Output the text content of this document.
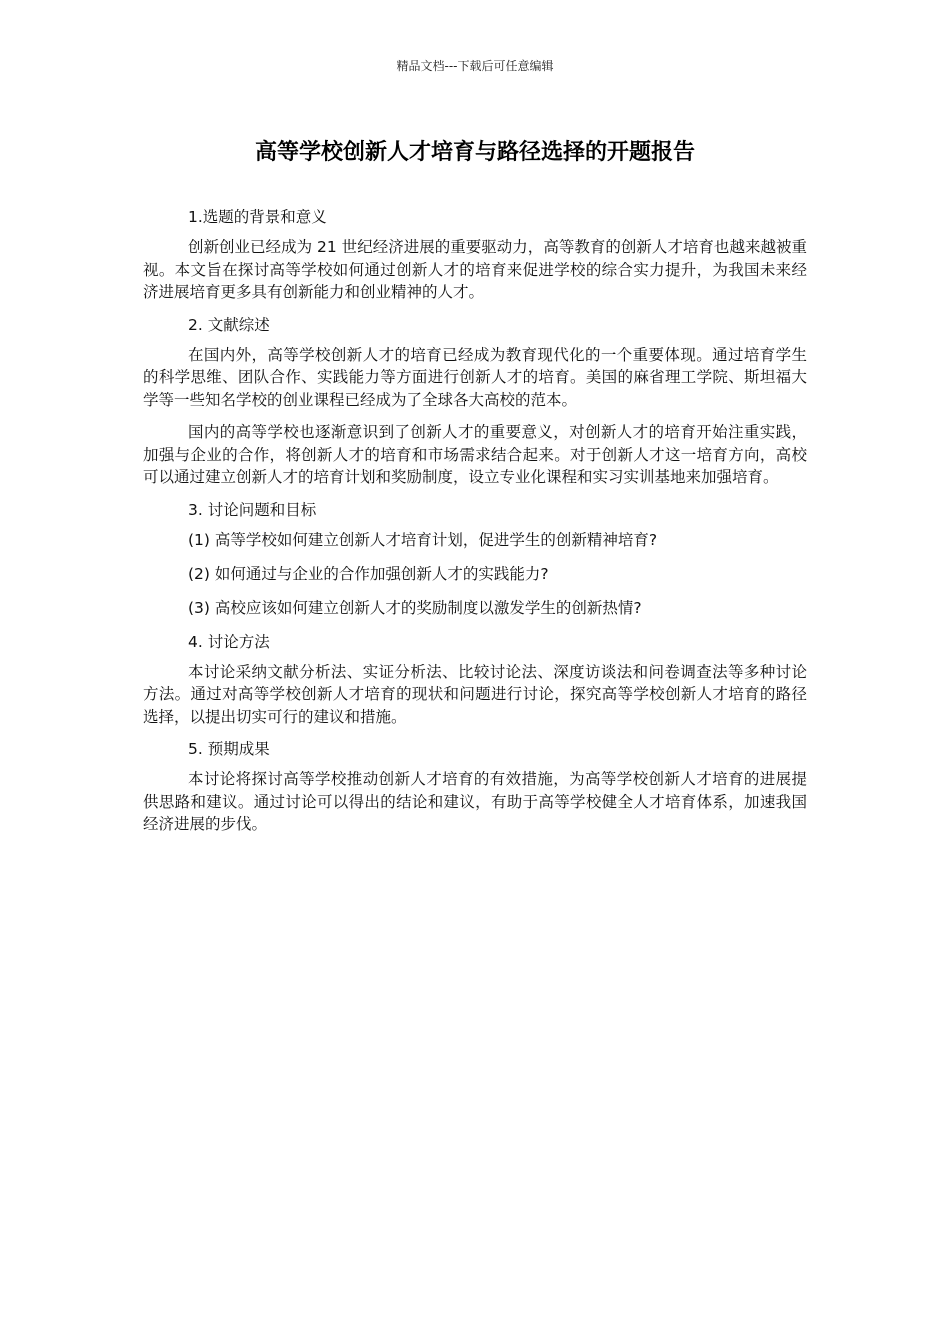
精品文档---下载后可任意编辑
高等学校创新人才培育与路径选择的开题报告

1.选题的背景和意义

创新创业已经成为 21 世纪经济进展的重要驱动力，高等教育的创新人才培育也越来越被重视。本文旨在探讨高等学校如何通过创新人才的培育来促进学校的综合实力提升，为我国未来经济进展培育更多具有创新能力和创业精神的人才。

2. 文献综述

在国内外，高等学校创新人才的培育已经成为教育现代化的一个重要体现。通过培育学生的科学思维、团队合作、实践能力等方面进行创新人才的培育。美国的麻省理工学院、斯坦福大学等一些知名学校的创业课程已经成为了全球各大高校的范本。

国内的高等学校也逐渐意识到了创新人才的重要意义，对创新人才的培育开始注重实践，加强与企业的合作，将创新人才的培育和市场需求结合起来。对于创新人才这一培育方向，高校可以通过建立创新人才的培育计划和奖励制度，设立专业化课程和实习实训基地来加强培育。

3. 讨论问题和目标

(1) 高等学校如何建立创新人才培育计划，促进学生的创新精神培育?

(2) 如何通过与企业的合作加强创新人才的实践能力?

(3) 高校应该如何建立创新人才的奖励制度以激发学生的创新热情?

4. 讨论方法

本讨论采纳文献分析法、实证分析法、比较讨论法、深度访谈法和问卷调查法等多种讨论方法。通过对高等学校创新人才培育的现状和问题进行讨论，探究高等学校创新人才培育的路径选择，以提出切实可行的建议和措施。

5. 预期成果

本讨论将探讨高等学校推动创新人才培育的有效措施，为高等学校创新人才培育的进展提供思路和建议。通过讨论可以得出的结论和建议，有助于高等学校健全人才培育体系，加速我国经济进展的步伐。
